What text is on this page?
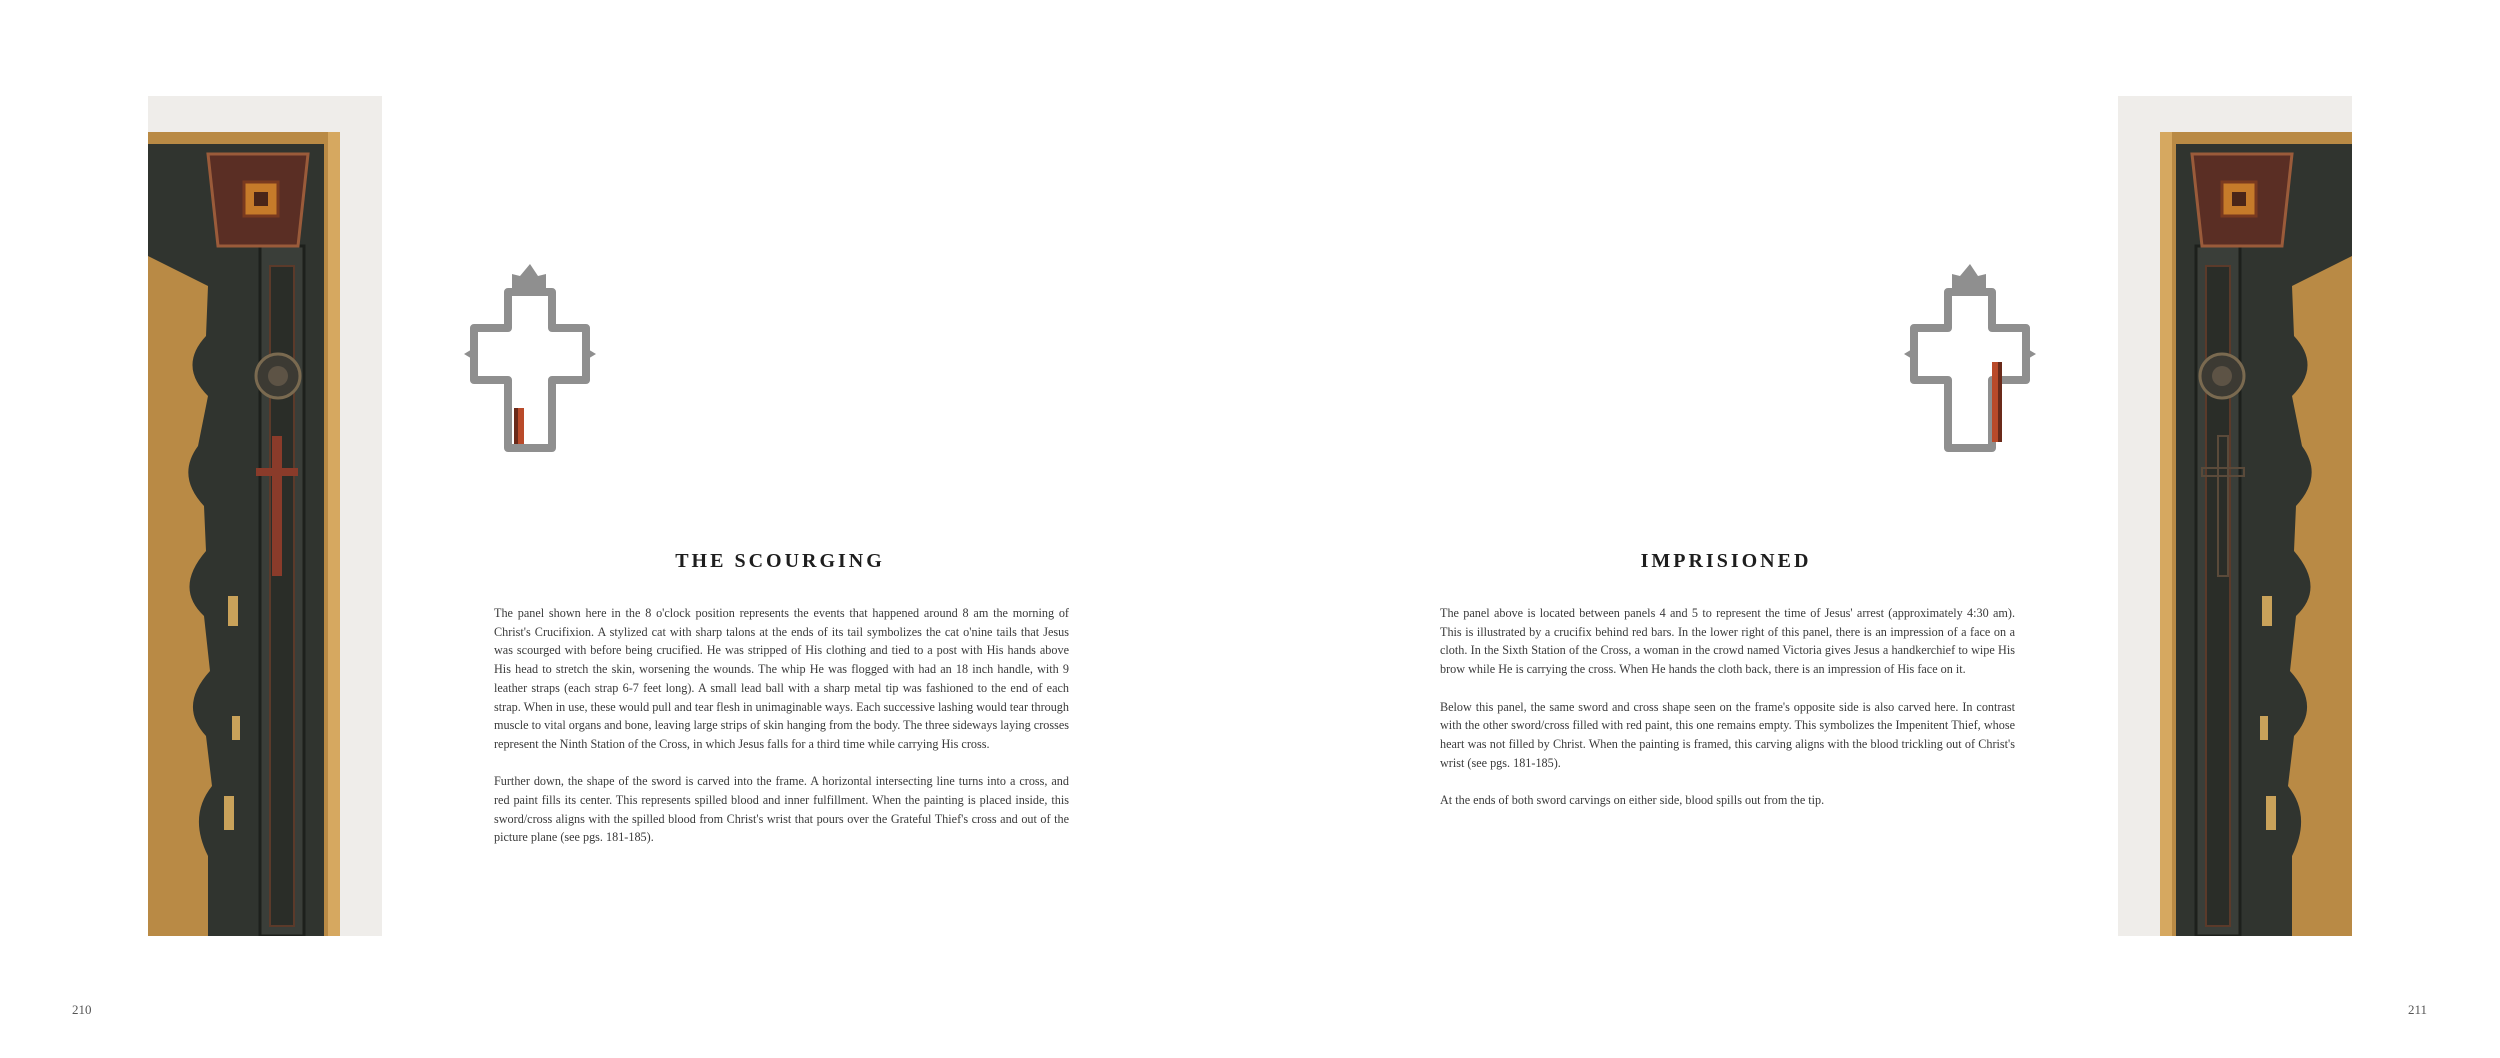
THE SCOURGING

The panel shown here in the 8 o'clock position represents the events that happened around 8 am the morning of Christ's Crucifixion. A stylized cat with sharp talons at the ends of its tail symbolizes the cat o'nine tails that Jesus was scourged with before being crucified. He was stripped of His clothing and tied to a post with His hands above His head to stretch the skin, worsening the wounds. The whip He was flogged with had an 18 inch handle, with 9 leather straps (each strap 6-7 feet long). A small lead ball with a sharp metal tip was fashioned to the end of each strap. When in use, these would pull and tear flesh in unimaginable ways. Each successive lashing would tear through muscle to vital organs and bone, leaving large strips of skin hanging from the body. The three sideways laying crosses represent the Ninth Station of the Cross, in which Jesus falls for a third time while carrying His cross.

Further down, the shape of the sword is carved into the frame. A horizontal intersecting line turns into a cross, and red paint fills its center. This represents spilled blood and inner fulfillment. When the painting is placed inside, this sword/cross aligns with the spilled blood from Christ's wrist that pours over the Grateful Thief's cross and out of the picture plane (see pgs. 181-185).

210
IMPRISIONED

The panel above is located between panels 4 and 5 to represent the time of Jesus' arrest (approximately 4:30 am). This is illustrated by a crucifix behind red bars. In the lower right of this panel, there is an impression of a face on a cloth. In the Sixth Station of the Cross, a woman in the crowd named Victoria gives Jesus a handkerchief to wipe His brow while He is carrying the cross. When He hands the cloth back, there is an impression of His face on it.

Below this panel, the same sword and cross shape seen on the frame's opposite side is also carved here. In contrast with the other sword/cross filled with red paint, this one remains empty. This symbolizes the Impenitent Thief, whose heart was not filled by Christ. When the painting is framed, this carving aligns with the blood trickling out of Christ's wrist (see pgs. 181-185).

At the ends of both sword carvings on either side, blood spills out from the tip.

211
